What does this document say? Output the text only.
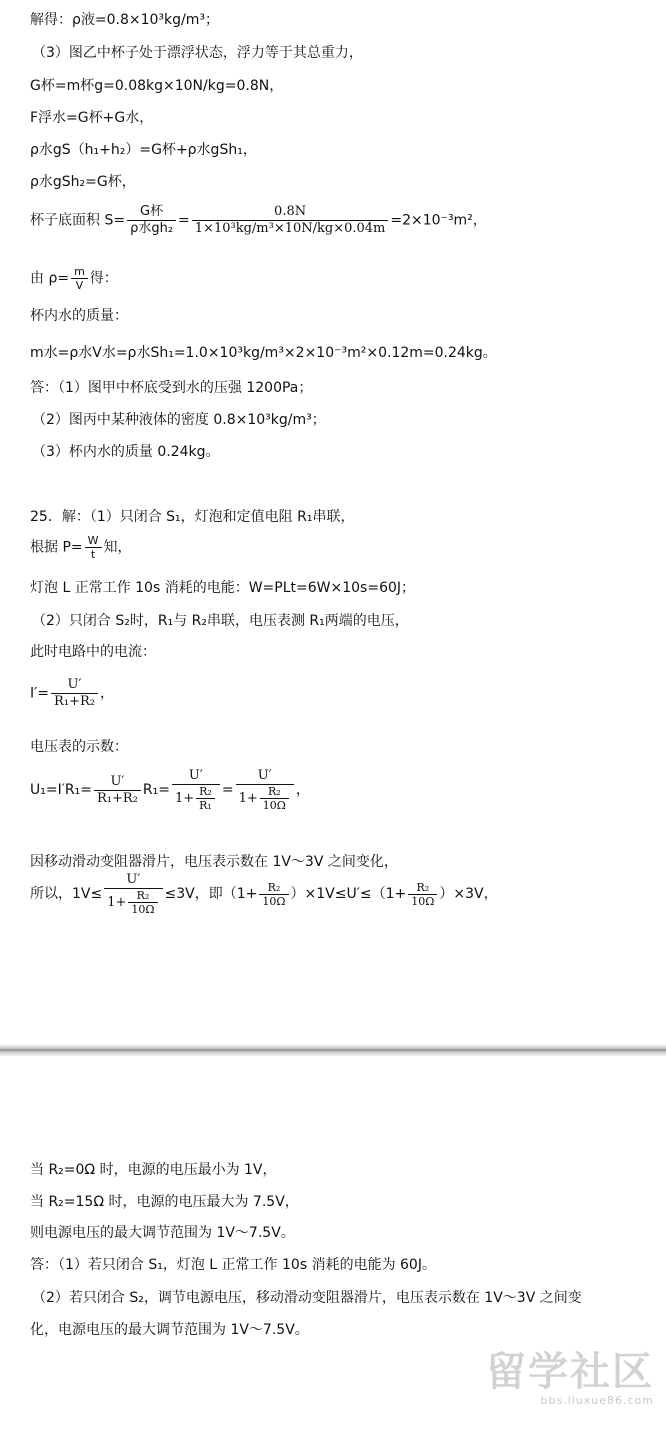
解得：ρ液=0.8×10³kg/m³；
（3）图乙中杯子处于漂浮状态，浮力等于其总重力，
G杯=m杯g=0.08kg×10N/kg=0.8N，
F浮水=G杯+G水，
ρ水gS（h₁+h₂）=G杯+ρ水gSh₁，
ρ水gSh₂=G杯，
杯子底面积 $S= \frac{\text{G杯}}{\text{ρ水gh₂}} = \frac{0.8N}{\text{1×10³kg/m³×10N/kg×0.04m}} =2\times 10^{-3}m^2$，
由 $\rho= \frac{m}{V}$ 得：
杯内水的质量：
m水=ρ水V水=ρ水Sh₁=1.0×10³kg/m³×2×10⁻³m²×0.12m=0.24kg。
答：（1）图甲中杯底受到水的压强 1200Pa；
（2）图丙中某种液体的密度 0.8×10³kg/m³；
（3）杯内水的质量 0.24kg。
25．解：（1）只闭合 S₁，灯泡和定值电阻 R₁串联，
根据 $P= \frac{W}{t}$ 知，
灯泡 L 正常工作 10s 消耗的电能：W=PLt=6W×10s=60J；
（2）只闭合 S₂时，R₁与 R₂串联，电压表测 R₁两端的电压，
此时电路中的电流：
$I'= \frac{U'}{\text{R₁+R₂}}$ ，
电压表的示数：
$U_1=I'R_1= \frac{U'}{\text{R₁+R₂}} R_1= \frac{U'}{1+ \frac{\text{R₂}}{\text{R₁}}} = \frac{U'}{1+ \frac{\text{R₂}}{10\Omega}}$ ，
因移动滑动变阻器滑片，电压表示数在 1V～3V 之间变化，
所以，$1V\le \frac{U'}{1+ \frac{\text{R₂}}{10\Omega}} \le 3V$，即$(1+ \frac{\text{R₂}}{10\Omega} )\times 1V\le U'\le(1+ \frac{\text{R₂}}{10\Omega} )\times 3V$，
当 R₂=0Ω 时，电源的电压最小为 1V，
当 R₂=15Ω 时，电源的电压最大为 7.5V，
则电源电压的最大调节范围为 1V～7.5V。
答：（1）若只闭合 S₁，灯泡 L 正常工作 10s 消耗的电能为 60J。
（2）若只闭合 S₂，调节电源电压，移动滑动变阻器滑片，电压表示数在 1V～3V 之间变
化，电源电压的最大调节范围为 1V～7.5V。
留学社区
bbs.liuxue86.com
